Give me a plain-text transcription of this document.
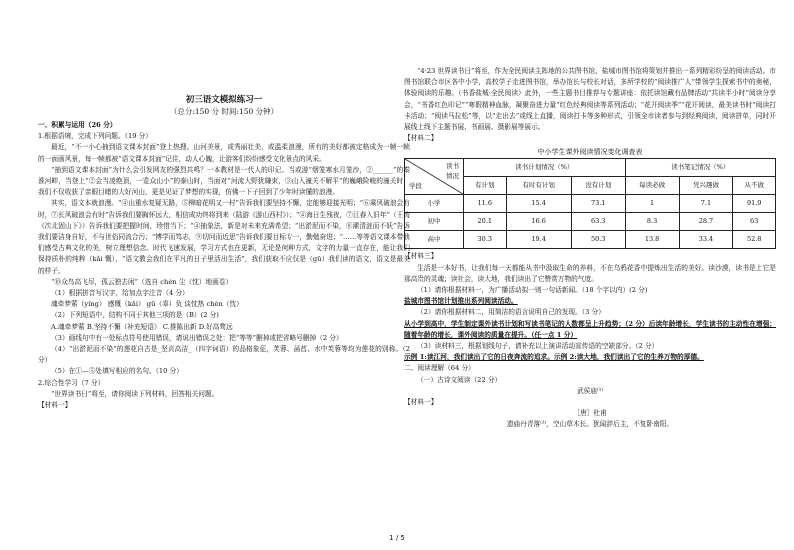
初三语文模拟练习一
（总分:150 分 时间:150 分钟）

一、积累与运用（26 分）

1.根据语境，完成下列问题。（19 分）

最近，“不一小心抽到语文课本封面”登上热搜。山河美景，或秀丽壮美，或温柔浪漫，所有的美好都被定格成为一帧一帧的一面画风景，每一帧都被“语文课本封面”记住，动人心魄，让游客们纷纷感受文化景点的风采。

“抽到语文课本封面”为什么会引发网友的强烈共鸣？一本教材是一代人的印记。当或游“烟笼寒水月笼沙，②______”的秦淮河畔，当登上“②会当凌绝顶，一览众山小”的泰山时，当面对“河流大野犹嫌束，③山入潼关不解平”的巍峨险峻的潼关时，我们不仅收获了亲眼目睹的大好河山，更是见证了梦想的实现，仿佛一下子回到了少年时读懂的浪漫。

其实，语文本就浪漫。“④山重水复疑无路，⑤柳暗花明又一村”告诉我们要坚持不懈，定能够迎接光明；“⑥乘风破浪会有时，⑦长风破浪会有时”告诉我们要胸怀远大，相信成功终将到来（陆游《游山西村》）；“④海日生残夜，⑦江春入旧年”（王湾《次北固山下》）告诉我们要把握时间，珍惜当下；“④抽象法，新是对未来充满希望；“出淤泥而不染，⑧濯清涟而不妖”告诉我们要洁身自好，不与世俗同流合污；“博学而笃志，⑨切问而近思”告诉我们要目标专一，勤勉奋进；“……等等语文课本带我们感受古典文化的美，树立理想信念。时代飞速发展，学习方式也在更新，无论是何种方式，文字的力量一直存在，能让我们保持质朴的纯粹（kǎi 慨），“语文教会我们在平凡的日子里活出生活”，我们获取不应仅是（gū）我们读的语文，语文是最美的样子。

“⑩众鸟高飞尽，孤云独去闲”（选自 chén 尘（忱）地画卷）

（1）根据拼音写汉字，给加点字注音（4 分）

魂牵梦萦（yíng） 感慨（kǎi） gū（辜）负 谈忱热 chén（忱）

（2）下列短语中，结构不同于其他三项的是（B）(2 分)

A.魂牵梦萦 B.坚持不懈（补充短语） C.推陈出新 D.好高骛远

（3）画线句中有一处标点符号使用错误，请说出错误之处：把“等等”删掉或把省略号删掉（2 分）

（4）“出淤泥而不染”的莲花自古是_坚贞高洁_（四字词语）的品格象征，芙蓉、菡萏、水中芙蓉等均为莲花的别称。（2 分）

（5）在①—⑤处填写相应的名句。（10 分）

2.综合性学习（7 分）

“世界读书日”将至，请你阅读下列材料，回答相关问题。

【材料一】

“4·23 世界读书日”将至，作为全民阅读主阵地的公共图书馆，盐城市图书馆将策划并推出一系列精彩纷呈的阅读活动。市图书馆联合市区各中小学，高校学子走进图书馆，举办馆长与校长对话，多所学校的“阅读推广人”带领学生探索书中的奥秘，体验阅读的乐趣。（书香盐城·全民阅读）此外，一些主题书目推荐与专题讲座：依托读馆藏有品牌活动“共读半小时”阅读分享会，“书香红色印记”“寒假精神血脉，凝聚奋进力量”红色经典阅读等系列活动；“花开阅读季”“花开阅读，最美读书时”阅读打卡活动；“阅读马拉松”等，以“走出去”或线上直播，阅读打卡等多种形式，引领全市读者参与到经典阅读，阅读拼单，同时开展线上线下主题书展、书画展、摄影展等展示。

【材料二】

中小学生课外阅读情况变化调查表						

读书
情况
学段	读书计划情况（%）			读书笔记情况（%）		
	有计划	有时有计划	没有计划	每读必做	凭兴趣做	从不做
小学	11.6	15.4	73.1	1	7.1	91.9
初中	20.1	16.6	63.3	8.3	28.7	63
高中	30.3	19.4	50.3	13.8	33.4	52.8

【材料三】

生活是一本好书，让我们每一天都能从书中汲取生命的养料，不在乌鸦花香中提炼出生活的美好。读沙漠，读书是上它是那高贵的灵魂；读社会，读大地，我们读出了它赞赏万物的气度。

（1）请你根据材料一，为广播活动拟一则一句话新闻。（18 个字以内）(2 分)

盐城市图书馆计划推出系列阅读活动。

（2）请你根据材料二，用简洁的语言说明自己的发现。（3 分）

从小学到高中，学生制定课外读书计划和写读书笔记的人数都呈上升趋势；（2 分）后读年龄增长，学生读书的主动性在增强；随着年龄的增长，课外阅读的质量在提升。（任一点 1 分）

（3）读材料三，根据划线句子，请补充以上演讲活动宣传语的空缺部分。（2 分）

示例 1:读江河，我们读出了它的日夜奔流的追求。示例 2:读大地，我们读出了它的生养万物的厚德。

二、阅读理解（64 分）

（一）古诗文阅读（22 分）

武侯庙⁽¹⁾

【材料一】

［唐］杜甫

遗庙丹青落⁽²⁾，空山草木长。犹闻辞后主，不复卧南阳。

1 / 5
